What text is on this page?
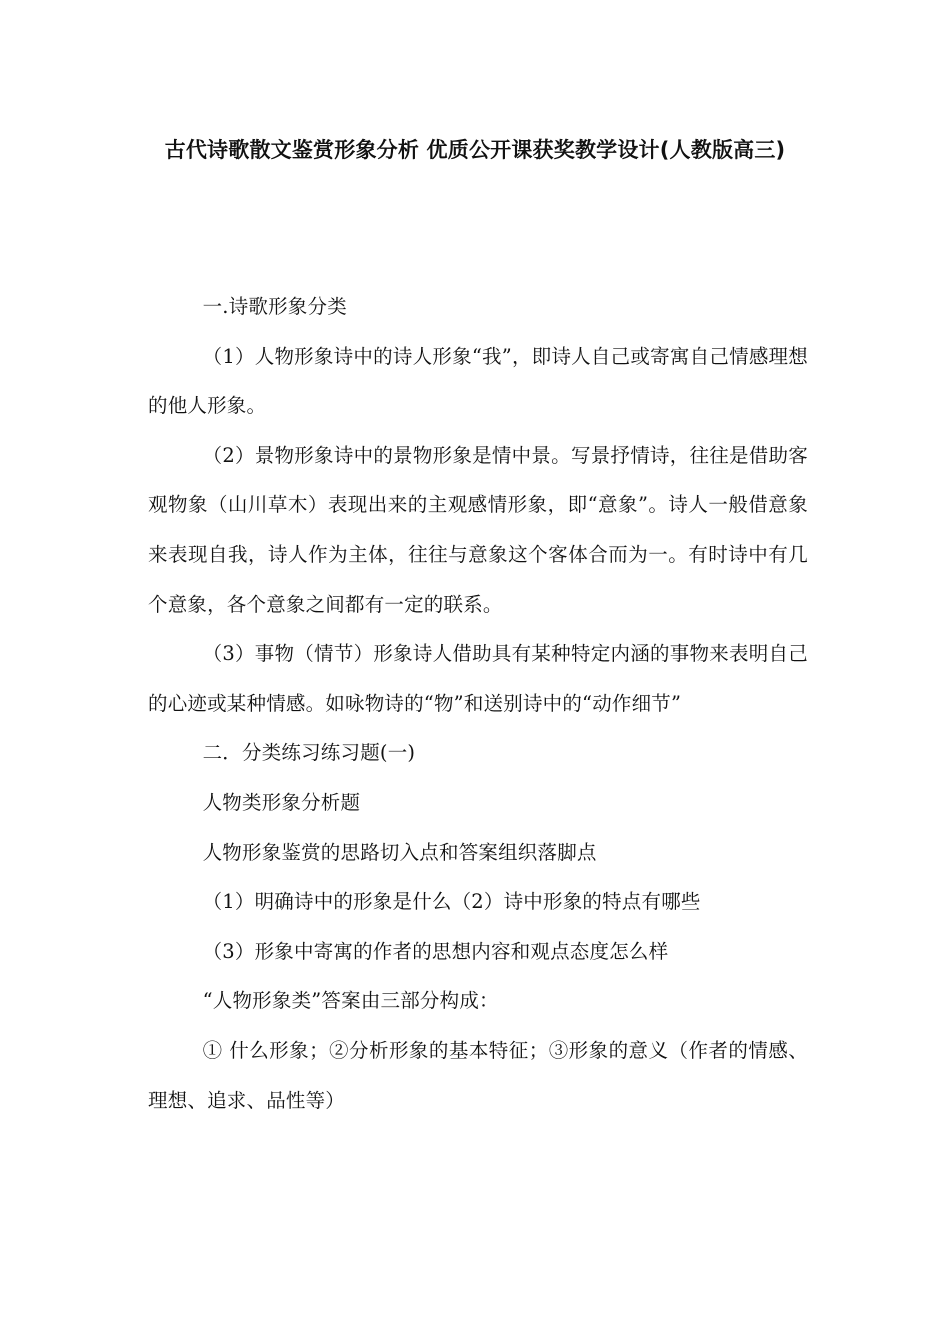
古代诗歌散文鉴赏形象分析 优质公开课获奖教学设计(人教版高三)

一.诗歌形象分类

（1）人物形象诗中的诗人形象“我”，即诗人自己或寄寓自己情感理想的他人形象。

（2）景物形象诗中的景物形象是情中景。写景抒情诗，往往是借助客观物象（山川草木）表现出来的主观感情形象，即“意象”。诗人一般借意象来表现自我，诗人作为主体，往往与意象这个客体合而为一。有时诗中有几个意象，各个意象之间都有一定的联系。

（3）事物（情节）形象诗人借助具有某种特定内涵的事物来表明自己的心迹或某种情感。如咏物诗的“物”和送别诗中的“动作细节”

二．分类练习练习题(一)

人物类形象分析题

人物形象鉴赏的思路切入点和答案组织落脚点

（1）明确诗中的形象是什么（2）诗中形象的特点有哪些

（3）形象中寄寓的作者的思想内容和观点态度怎么样

“人物形象类”答案由三部分构成：

① 什么形象；②分析形象的基本特征；③形象的意义（作者的情感、理想、追求、品性等）
